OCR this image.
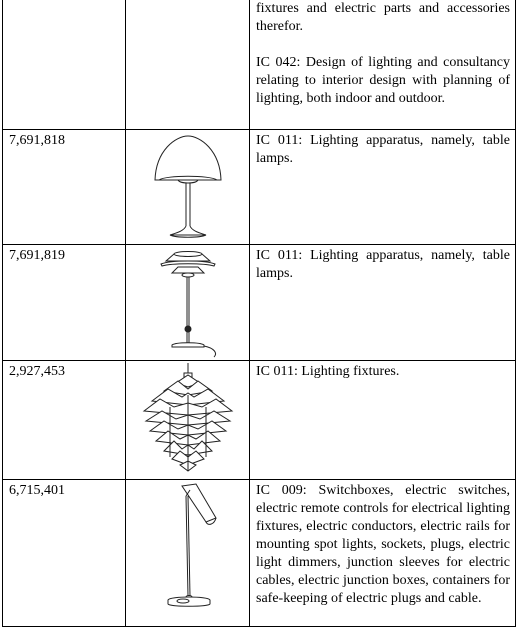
		fixtures and electric parts and accessories therefor.

IC 042: Design of lighting and consultancy relating to interior design with planning of lighting, both indoor and outdoor.

7,691,818		IC 011: Lighting apparatus, namely, table lamps.

7,691,819		IC 011: Lighting apparatus, namely, table lamps.

2,927,453		IC 011: Lighting fixtures.

6,715,401		IC 009: Switchboxes, electric switches, electric remote controls for electrical lighting fixtures, electric conductors, electric rails for mounting spot lights, sockets, plugs, electric light dimmers, junction sleeves for electric cables, electric junction boxes, containers for safe-keeping of electric plugs and cable.
